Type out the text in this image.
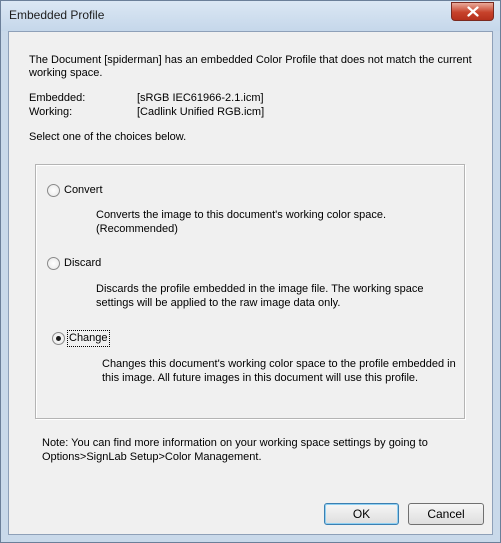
Embedded Profile
The Document [spiderman] has an embedded Color Profile that does not match the current
working space.
Embedded:	[sRGB IEC61966-2.1.icm]
Working:	[Cadlink Unified RGB.icm]
Select one of the choices below.
Convert
Converts the image to this document's working color space.
(Recommended)
Discard
Discards the profile embedded in the image file. The working space
settings will be applied to the raw image data only.
Change
Changes this document's working color space to the profile embedded in
this image. All future images in this document will use this profile.
Note: You can find more information on your working space settings by going to
Options>SignLab Setup>Color Management.
OK	Cancel
